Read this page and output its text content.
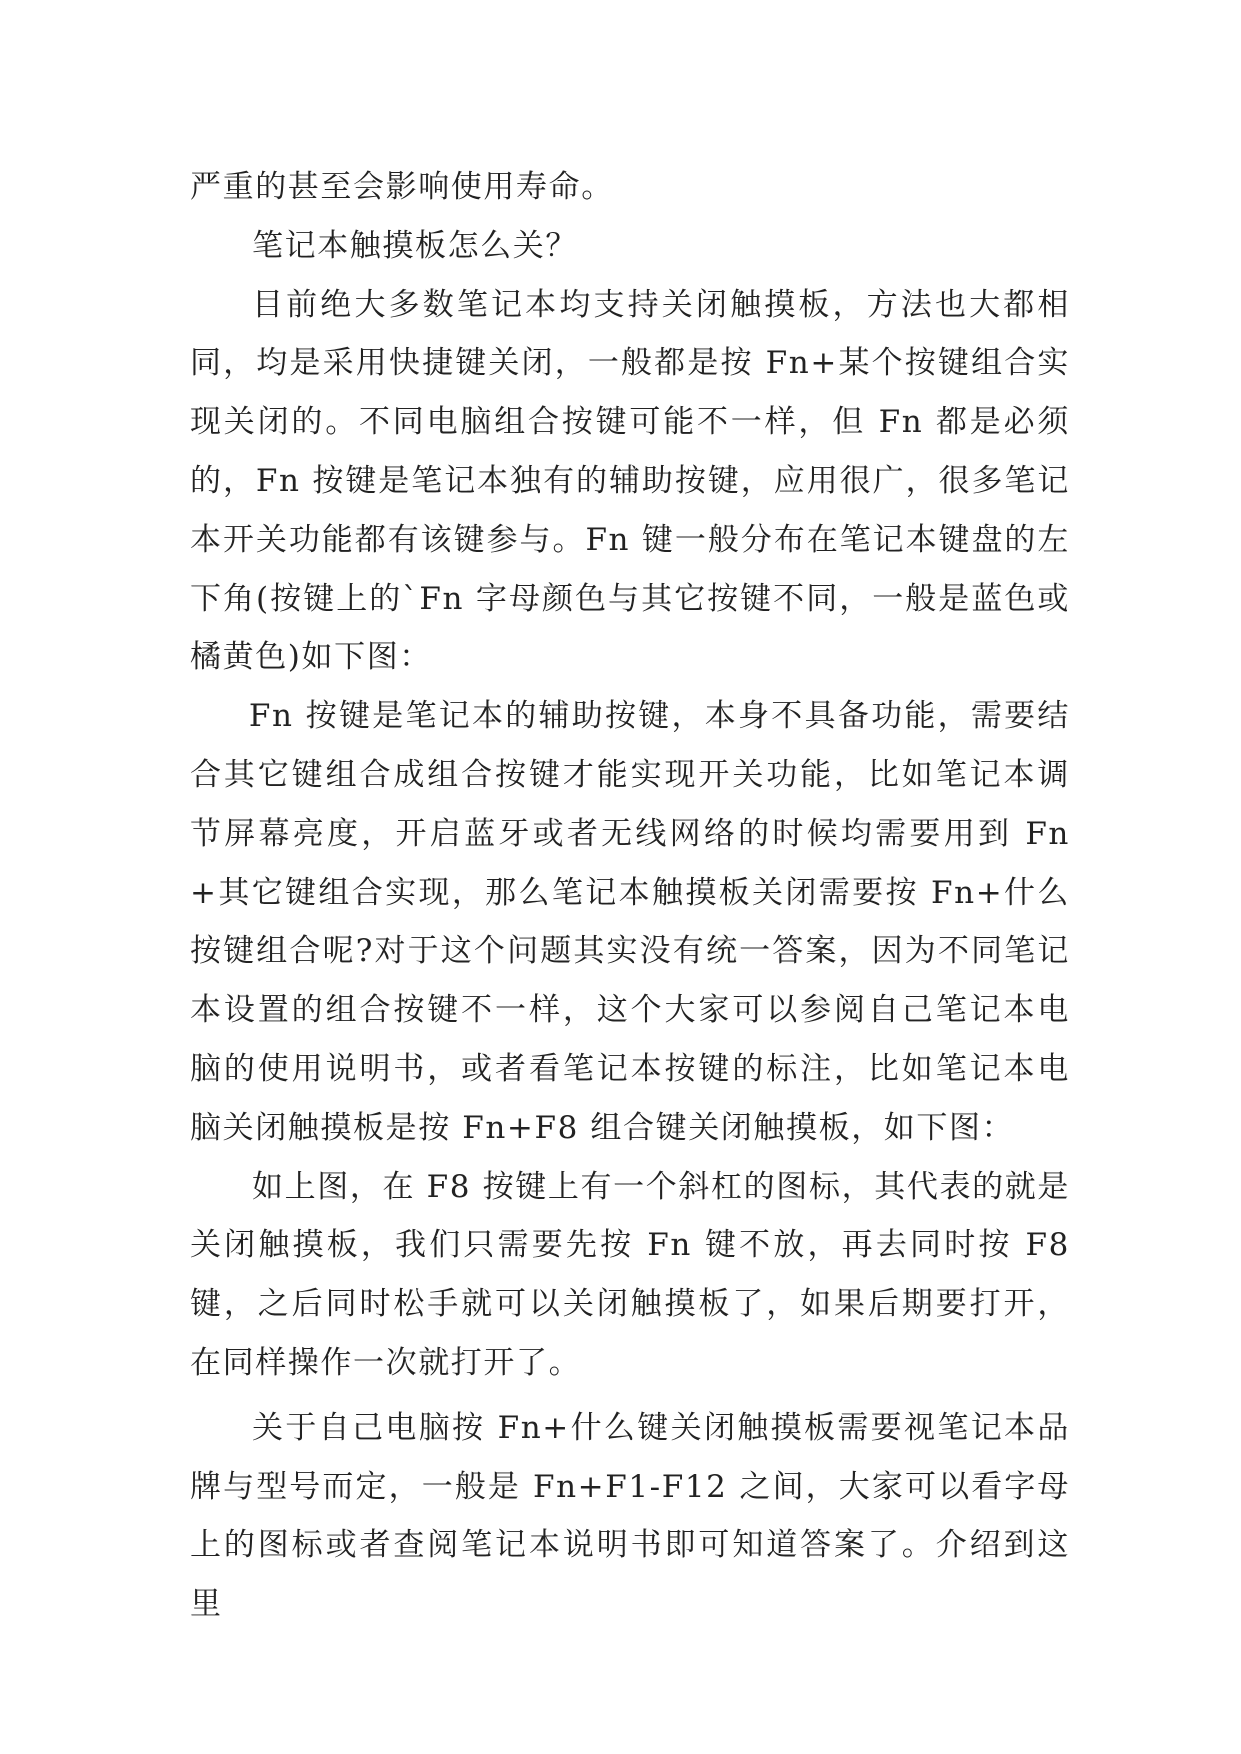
严重的甚至会影响使用寿命。

笔记本触摸板怎么关？

目前绝大多数笔记本均支持关闭触摸板，方法也大都相同，均是采用快捷键关闭，一般都是按 Fn+某个按键组合实现关闭的。不同电脑组合按键可能不一样，但 Fn 都是必须的，Fn 按键是笔记本独有的辅助按键，应用很广，很多笔记本开关功能都有该键参与。Fn 键一般分布在笔记本键盘的左下角(按键上的`Fn 字母颜色与其它按键不同，一般是蓝色或橘黄色)如下图：

Fn 按键是笔记本的辅助按键，本身不具备功能，需要结合其它键组合成组合按键才能实现开关功能，比如笔记本调节屏幕亮度，开启蓝牙或者无线网络的时候均需要用到 Fn+其它键组合实现，那么笔记本触摸板关闭需要按 Fn+什么按键组合呢?对于这个问题其实没有统一答案，因为不同笔记本设置的组合按键不一样，这个大家可以参阅自己笔记本电脑的使用说明书，或者看笔记本按键的标注，比如笔记本电脑关闭触摸板是按 Fn+F8 组合键关闭触摸板，如下图：

如上图，在 F8 按键上有一个斜杠的图标，其代表的就是关闭触摸板，我们只需要先按 Fn 键不放，再去同时按 F8 键，之后同时松手就可以关闭触摸板了，如果后期要打开，在同样操作一次就打开了。

关于自己电脑按 Fn+什么键关闭触摸板需要视笔记本品牌与型号而定，一般是 Fn+F1-F12 之间，大家可以看字母上的图标或者查阅笔记本说明书即可知道答案了。介绍到这里
